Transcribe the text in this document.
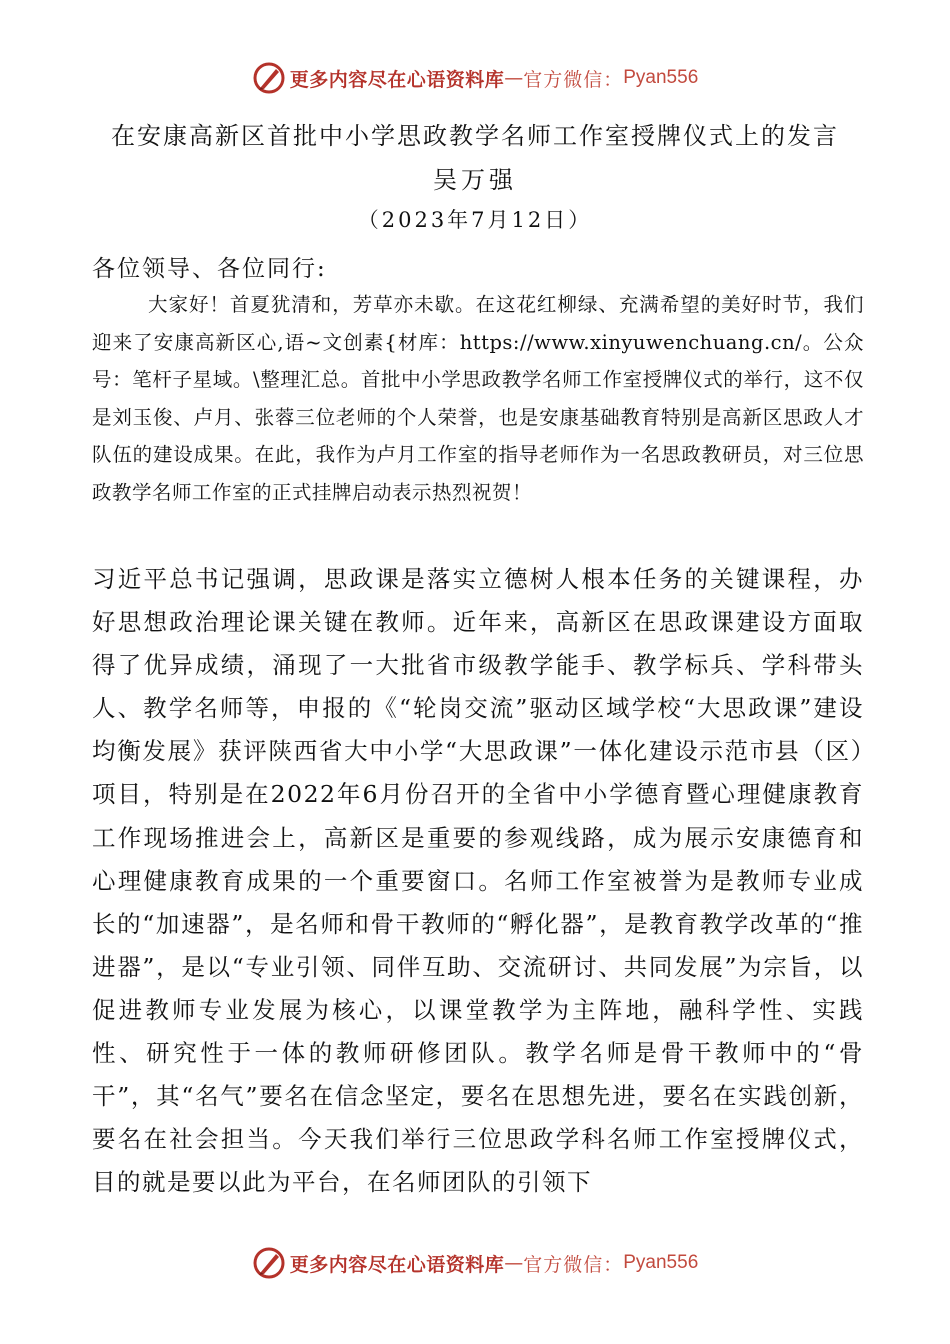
更多内容尽在心语资料库 — 官方微信： Pyan556
在安康高新区首批中小学思政教学名师工作室授牌仪式上的发言
吴万强
（2023年7月12日）
各位领导、各位同行:

大家好！首夏犹清和，芳草亦未歇。在这花红柳绿、充满希望的美好时节，我们迎来了安康高新区心,语~文创素{材库：https://www.xinyuwenchuang.cn/。公众号：笔杆子星域。\整理汇总。首批中小学思政教学名师工作室授牌仪式的举行，这不仅是刘玉俊、卢月、张蓉三位老师的个人荣誉，也是安康基础教育特别是高新区思政人才队伍的建设成果。在此，我作为卢月工作室的指导老师作为一名思政教研员，对三位思政教学名师工作室的正式挂牌启动表示热烈祝贺！

习近平总书记强调，思政课是落实立德树人根本任务的关键课程，办好思想政治理论课关键在教师。近年来，高新区在思政课建设方面取得了优异成绩，涌现了一大批省市级教学能手、教学标兵、学科带头人、教学名师等，申报的《“轮岗交流”驱动区域学校“大思政课”建设均衡发展》获评陕西省大中小学“大思政课”一体化建设示范市县（区）项目，特别是在2022年6月份召开的全省中小学德育暨心理健康教育工作现场推进会上，高新区是重要的参观线路，成为展示安康德育和心理健康教育成果的一个重要窗口。名师工作室被誉为是教师专业成长的“加速器”，是名师和骨干教师的“孵化器”，是教育教学改革的“推进器”，是以“专业引领、同伴互助、交流研讨、共同发展”为宗旨，以促进教师专业发展为核心，以课堂教学为主阵地，融科学性、实践性、研究性于一体的教师研修团队。教学名师是骨干教师中的“骨干”，其“名气”要名在信念坚定，要名在思想先进，要名在实践创新，要名在社会担当。今天我们举行三位思政学科名师工作室授牌仪式，目的就是要以此为平台，在名师团队的引领下

更多内容尽在心语资料库 — 官方微信： Pyan556
